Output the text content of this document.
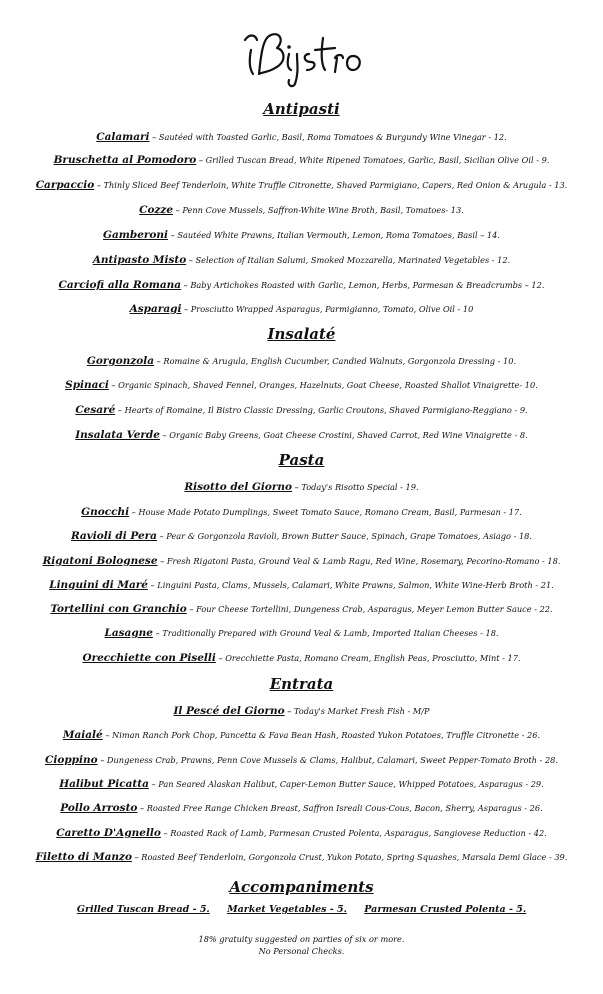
Antipasti
Calamari – Sautéed with Toasted Garlic, Basil, Roma Tomatoes & Burgundy Wine Vinegar - 12.
Bruschetta al Pomodoro – Grilled Tuscan Bread, White Ripened Tomatoes, Garlic, Basil, Sicilian Olive Oil - 9.
Carpaccio – Thinly Sliced Beef Tenderloin, White Truffle Citronette, Shaved Parmigiano, Capers, Red Onion & Arugula - 13.
Cozze – Penn Cove Mussels, Saffron-White Wine Broth, Basil, Tomatoes- 13.
Gamberoni – Sautéed White Prawns, Italian Vermouth, Lemon, Roma Tomatoes, Basil – 14.
Antipasto Misto – Selection of Italian Salumi, Smoked Mozzarella, Marinated Vegetables - 12.
Carciofi alla Romana – Baby Artichokes Roasted with Garlic, Lemon, Herbs, Parmesan & Breadcrumbs – 12.
Asparagi – Prosciutto Wrapped Asparagus, Parmigianno, Tomato, Olive Oil - 10
Insalaté
Gorgonzola – Romaine & Arugula, English Cucumber, Candied Walnuts, Gorgonzola Dressing - 10.
Spinaci – Organic Spinach, Shaved Fennel, Oranges, Hazelnuts, Goat Cheese, Roasted Shallot Vinaigrette- 10.
Cesaré – Hearts of Romaine, Il Bistro Classic Dressing, Garlic Croutons, Shaved Parmigiano-Reggiano - 9.
Insalata Verde – Organic Baby Greens, Goat Cheese Crostini, Shaved Carrot, Red Wine Vinaigrette - 8.
Pasta
Risotto del Giorno – Today's Risotto Special - 19.
Gnocchi – House Made Potato Dumplings, Sweet Tomato Sauce, Romano Cream, Basil, Parmesan - 17.
Ravioli di Pera – Pear & Gorgonzola Ravioli, Brown Butter Sauce, Spinach, Grape Tomatoes, Asiago - 18.
Rigatoni Bolognese – Fresh Rigatoni Pasta, Ground Veal & Lamb Ragu, Red Wine, Rosemary, Pecorino-Romano - 18.
Linguini di Maré – Linguini Pasta, Clams, Mussels, Calamari, White Prawns, Salmon, White Wine-Herb Broth - 21.
Tortellini con Granchio – Four Cheese Tortellini, Dungeness Crab, Asparagus, Meyer Lemon Butter Sauce - 22.
Lasagne – Traditionally Prepared with Ground Veal & Lamb, Imported Italian Cheeses - 18.
Orecchiette con Piselli – Orecchiette Pasta, Romano Cream, English Peas, Prosciutto, Mint - 17.
Entrata
Il Pescé del Giorno – Today's Market Fresh Fish - M/P
Maialé – Niman Ranch Pork Chop, Pancetta & Fava Bean Hash, Roasted Yukon Potatoes, Truffle Citronette - 26.
Cioppino – Dungeness Crab, Prawns, Penn Cove Mussels & Clams, Halibut, Calamari, Sweet Pepper-Tomato Broth - 28.
Halibut Picatta – Pan Seared Alaskan Halibut, Caper-Lemon Butter Sauce, Whipped Potatoes, Asparagus - 29.
Pollo Arrosto – Roasted Free Range Chicken Breast, Saffron Isreali Cous-Cous, Bacon, Sherry, Asparagus - 26.
Caretto D'Agnello – Roasted Rack of Lamb, Parmesan Crusted Polenta, Asparagus, Sangiovese Reduction - 42.
Filetto di Manzo – Roasted Beef Tenderloin, Gorgonzola Crust, Yukon Potato, Spring Squashes, Marsala Demi Glace - 39.
Accompaniments
Grilled Tuscan Bread - 5. Market Vegetables - 5. Parmesan Crusted Polenta - 5.
18% gratuity suggested on parties of six or more.
No Personal Checks.
